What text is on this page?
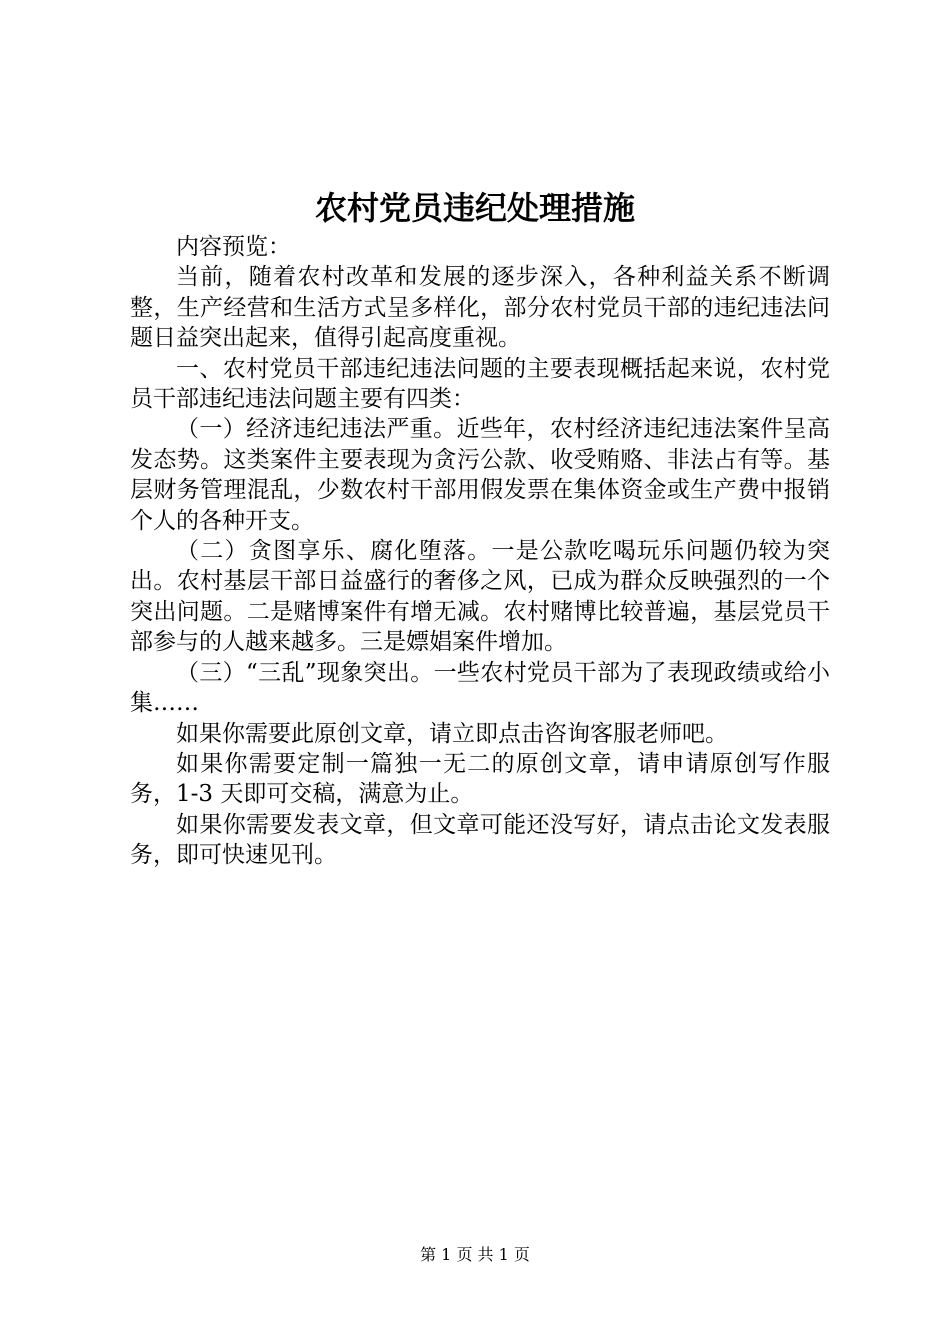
农村党员违纪处理措施

内容预览：

当前，随着农村改革和发展的逐步深入，各种利益关系不断调整，生产经营和生活方式呈多样化，部分农村党员干部的违纪违法问题日益突出起来，值得引起高度重视。

一、农村党员干部违纪违法问题的主要表现概括起来说，农村党员干部违纪违法问题主要有四类：

（一）经济违纪违法严重。近些年，农村经济违纪违法案件呈高发态势。这类案件主要表现为贪污公款、收受贿赂、非法占有等。基层财务管理混乱，少数农村干部用假发票在集体资金或生产费中报销个人的各种开支。

（二）贪图享乐、腐化堕落。一是公款吃喝玩乐问题仍较为突出。农村基层干部日益盛行的奢侈之风，已成为群众反映强烈的一个突出问题。二是赌博案件有增无减。农村赌博比较普遍，基层党员干部参与的人越来越多。三是嫖娼案件增加。

（三）“三乱”现象突出。一些农村党员干部为了表现政绩或给小集……

如果你需要此原创文章，请立即点击咨询客服老师吧。

如果你需要定制一篇独一无二的原创文章，请申请原创写作服务，1-3 天即可交稿，满意为止。

如果你需要发表文章，但文章可能还没写好，请点击论文发表服务，即可快速见刊。

第 1 页 共 1 页
